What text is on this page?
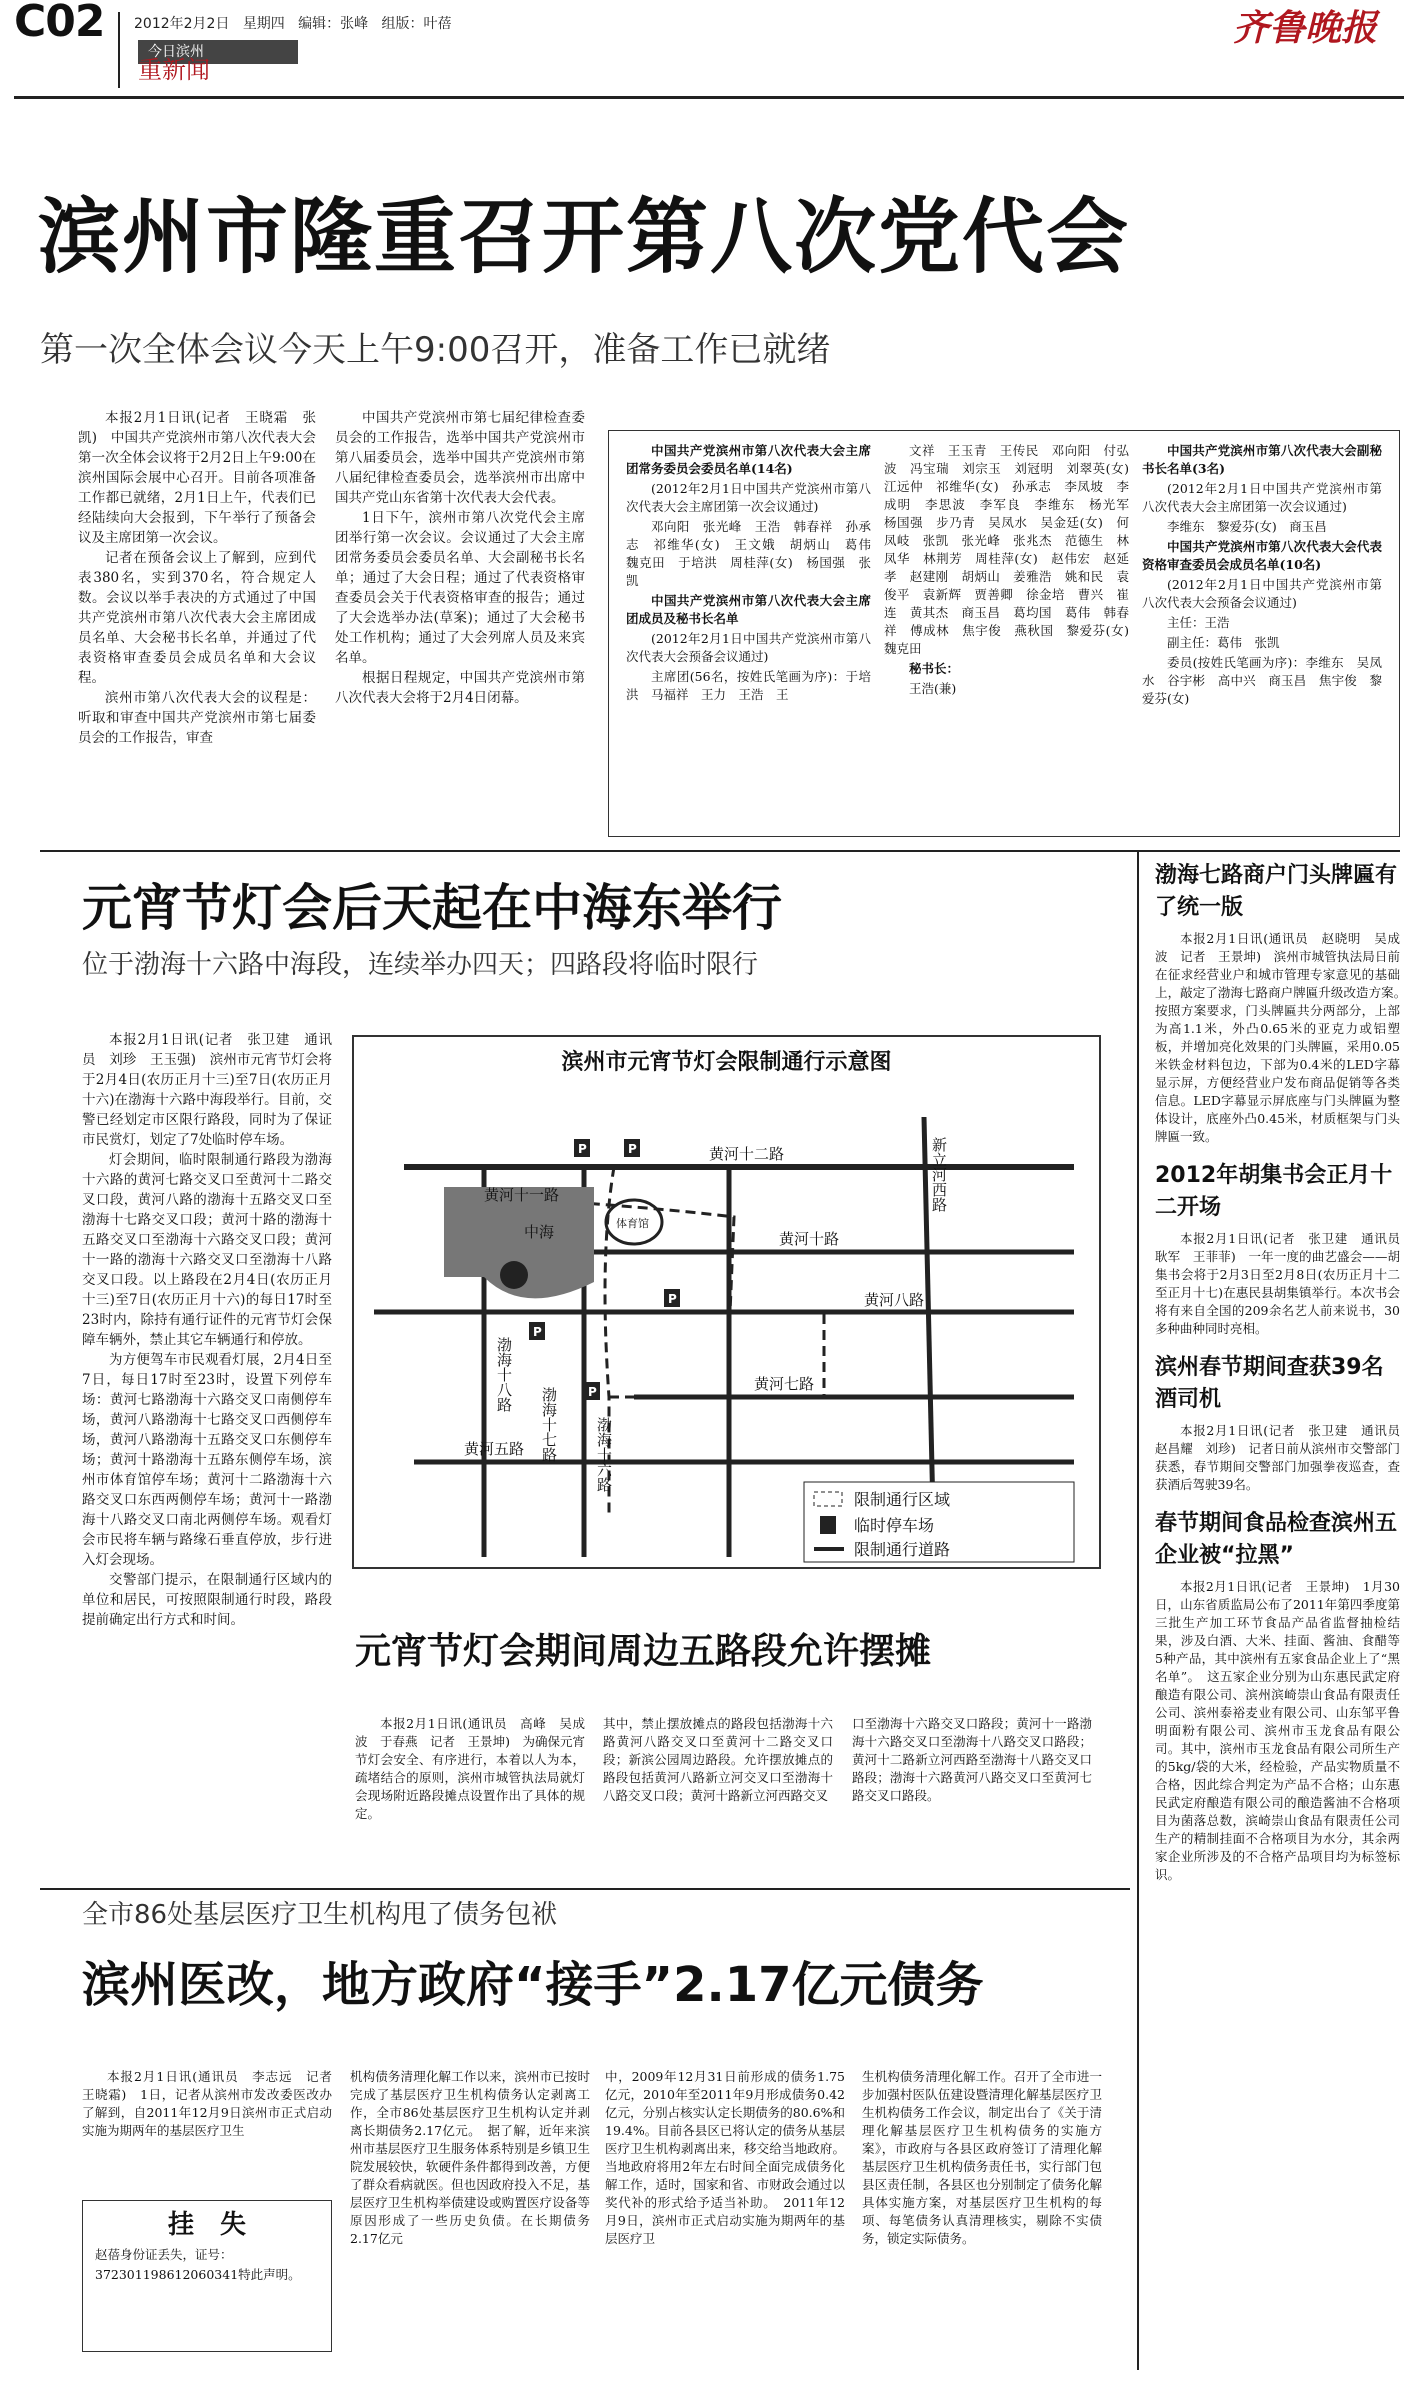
C02 2012年2月2日 星期四 编辑：张峰 组版：叶蓓
今日滨州
重新闻
齐鲁晚报
滨州市隆重召开第八次党代会
第一次全体会议今天上午9:00召开，准备工作已就绪

本报2月1日讯(记者　王晓霜　张凯)　中国共产党滨州市第八次代表大会第一次全体会议将于2月2日上午9:00在滨州国际会展中心召开。目前各项准备工作都已就绪，2月1日上午，代表们已经陆续向大会报到，下午举行了预备会议及主席团第一次会议。

记者在预备会议上了解到，应到代表380名，实到370名，符合规定人数。会议以举手表决的方式通过了中国共产党滨州市第八次代表大会主席团成员名单、大会秘书长名单，并通过了代表资格审查委员会成员名单和大会议程。

滨州市第八次代表大会的议程是：听取和审查中国共产党滨州市第七届委员会的工作报告，审查

中国共产党滨州市第七届纪律检查委员会的工作报告，选举中国共产党滨州市第八届委员会，选举中国共产党滨州市第八届纪律检查委员会，选举滨州市出席中国共产党山东省第十次代表大会代表。

1日下午，滨州市第八次党代会主席团举行第一次会议。会议通过了大会主席团常务委员会委员名单、大会副秘书长名单；通过了大会日程；通过了代表资格审查委员会关于代表资格审查的报告；通过了大会选举办法(草案)；通过了大会秘书处工作机构；通过了大会列席人员及来宾名单。

根据日程规定，中国共产党滨州市第八次代表大会将于2月4日闭幕。

中国共产党滨州市第八次代表大会主席团常务委员会委员名单(14名)

(2012年2月1日中国共产党滨州市第八次代表大会主席团第一次会议通过)

邓向阳　张光峰　王浩　韩春祥　孙承志　祁维华(女)　王文娥　胡炳山　葛伟　魏克田　于培洪　周桂萍(女)　杨国强　张凯

中国共产党滨州市第八次代表大会主席团成员及秘书长名单

(2012年2月1日中国共产党滨州市第八次代表大会预备会议通过)

主席团(56名，按姓氏笔画为序)：于培洪　马福祥　王力　王浩　王

文祥　王玉青　王传民　邓向阳　付弘波　冯宝瑞　刘宗玉　刘冠明　刘翠英(女)　江远仲　祁维华(女)　孙承志　李凤坡　李成明　李思波　李军良　李维东　杨光军　杨国强　步乃青　吴凤水　吴金廷(女)　何凤岐　张凯　张光峰　张兆杰　范德生　林凤华　林荆芳　周桂萍(女)　赵伟宏　赵延孝　赵建刚　胡炳山　姜雅浩　姚和民　袁俊平　袁新辉　贾善卿　徐金培　曹兴　崔连　黄其杰　商玉昌　葛均国　葛伟　韩春祥　傅成林　焦宇俊　燕秋国　黎爱芬(女)　魏克田

秘书长：

王浩(兼)

中国共产党滨州市第八次代表大会副秘书长名单(3名)

(2012年2月1日中国共产党滨州市第八次代表大会主席团第一次会议通过)

李维东　黎爱芬(女)　商玉昌

中国共产党滨州市第八次代表大会代表资格审查委员会成员名单(10名)

(2012年2月1日中国共产党滨州市第八次代表大会预备会议通过)

主任：王浩

副主任：葛伟　张凯

委员(按姓氏笔画为序)：李维东　吴凤水　谷宇彬　高中兴　商玉昌　焦宇俊　黎爱芬(女)

元宵节灯会后天起在中海东举行
位于渤海十六路中海段，连续举办四天；四路段将临时限行

本报2月1日讯(记者　张卫建　通讯员　刘珍　王玉强)　滨州市元宵节灯会将于2月4日(农历正月十三)至7日(农历正月十六)在渤海十六路中海段举行。目前，交警已经划定市区限行路段，同时为了保证市民赏灯，划定了7处临时停车场。

灯会期间，临时限制通行路段为渤海十六路的黄河七路交叉口至黄河十二路交叉口段，黄河八路的渤海十五路交叉口至渤海十七路交叉口段；黄河十路的渤海十五路交叉口至渤海十六路交叉口段；黄河十一路的渤海十六路交叉口至渤海十八路交叉口段。以上路段在2月4日(农历正月十三)至7日(农历正月十六)的每日17时至23时内，除持有通行证件的元宵节灯会保障车辆外，禁止其它车辆通行和停放。

为方便驾车市民观看灯展，2月4日至7日，每日17时至23时，设置下列停车场：黄河七路渤海十六路交叉口南侧停车场，黄河八路渤海十七路交叉口西侧停车场，黄河八路渤海十五路交叉口东侧停车场；黄河十路渤海十五路东侧停车场，滨州市体育馆停车场；黄河十二路渤海十六路交叉口东西两侧停车场；黄河十一路渤海十八路交叉口南北两侧停车场。观看灯会市民将车辆与路缘石垂直停放，步行进入灯会现场。

交警部门提示，在限制通行区域内的单位和居民，可按照限制通行时段，路段提前确定出行方式和时间。

滨州市元宵节灯会限制通行示意图
黄河十二路
黄河十一路
黄河十路
黄河八路
黄河七路
黄河五路
中海	体育馆
渤海十八路
渤海十七路 渤海十六路
新立河西路
P	P
P
P
P
限制通行区域
临时停车场
限制通行道路
元宵节灯会期间周边五路段允许摆摊
本报2月1日讯(通讯员　高峰　吴成波　于春燕　记者　王景坤)　为确保元宵节灯会安全、有序进行，本着以人为本，疏堵结合的原则，滨州市城管执法局就灯会现场附近路段摊点设置作出了具体的规定。
其中，禁止摆放摊点的路段包括渤海十六路黄河八路交叉口至黄河十二路交叉口段；新滨公园周边路段。允许摆放摊点的路段包括黄河八路新立河交叉口至渤海十八路交叉口段；黄河十路新立河西路交叉
口至渤海十六路交叉口路段；黄河十一路渤海十六路交叉口至渤海十八路交叉口路段；黄河十二路新立河西路至渤海十八路交叉口路段；渤海十六路黄河八路交叉口至黄河七路交叉口路段。
渤海七路商户门头牌匾有了统一版
本报2月1日讯(通讯员　赵晓明　吴成波　记者　王景坤)　滨州市城管执法局日前在征求经营业户和城市管理专家意见的基础上，敲定了渤海七路商户牌匾升级改造方案。　按照方案要求，门头牌匾共分两部分，上部为高1.1米，外凸0.65米的亚克力或铝塑板，并增加亮化效果的门头牌匾，采用0.05米铁金材料包边，下部为0.4米的LED字幕显示屏，方便经营业户发布商品促销等各类信息。LED字幕显示屏底座与门头牌匾为整体设计，底座外凸0.45米，材质框架与门头牌匾一致。
2012年胡集书会正月十二开场
本报2月1日讯(记者　张卫建　通讯员　耿军　王菲菲)　一年一度的曲艺盛会——胡集书会将于2月3日至2月8日(农历正月十二至正月十七)在惠民县胡集镇举行。本次书会将有来自全国的209余名艺人前来说书，30多种曲种同时亮相。
滨州春节期间查获39名酒司机
本报2月1日讯(记者　张卫建　通讯员　赵昌耀　刘珍)　记者日前从滨州市交警部门获悉，春节期间交警部门加强拳夜巡查，查获酒后驾驶39名。
春节期间食品检查滨州五企业被“拉黑”
本报2月1日讯(记者　王景坤)　1月30日，山东省质监局公布了2011年第四季度第三批生产加工环节食品产品省监督抽检结果，涉及白酒、大米、挂面、酱油、食醋等5种产品，其中滨州有五家食品企业上了“黑名单”。　这五家企业分别为山东惠民武定府酿造有限公司、滨州滨崎崇山食品有限责任公司、滨州泰裕麦业有限公司、山东邹平鲁明面粉有限公司、滨州市玉龙食品有限公司。其中，滨州市玉龙食品有限公司所生产的5kg/袋的大米，经检验，产品实物质量不合格，因此综合判定为产品不合格；山东惠民武定府酿造有限公司的酿造酱油不合格项目为菌落总数，滨崎崇山食品有限责任公司生产的精制挂面不合格项目为水分，其余两家企业所涉及的不合格产品项目均为标签标识。
全市86处基层医疗卫生机构甩了债务包袱
滨州医改，地方政府“接手”2.17亿元债务
本报2月1日讯(通讯员　李志远　记者　王晓霜)　1日，记者从滨州市发改委医改办了解到，自2011年12月9日滨州市正式启动实施为期两年的基层医疗卫生
挂　失
赵蓓身份证丢失，证号：372301198612060341特此声明。
机构债务清理化解工作以来，滨州市已按时完成了基层医疗卫生机构债务认定剥离工作，全市86处基层医疗卫生机构认定并剥离长期债务2.17亿元。　据了解，近年来滨州市基层医疗卫生服务体系特别是乡镇卫生院发展较快，软硬件条件都得到改善，方便了群众看病就医。但也因政府投入不足，基层医疗卫生机构举债建设或购置医疗设备等原因形成了一些历史负债。在长期债务2.17亿元
中，2009年12月31日前形成的债务1.75亿元，2010年至2011年9月形成债务0.42亿元，分别占核实认定长期债务的80.6%和19.4%。目前各县区已将认定的债务从基层医疗卫生机构剥离出来，移交给当地政府。当地政府将用2年左右时间全面完成债务化解工作，适时，国家和省、市财政会通过以奖代补的形式给予适当补助。　2011年12月9日，滨州市正式启动实施为期两年的基层医疗卫
生机构债务清理化解工作。召开了全市进一步加强村医队伍建设暨清理化解基层医疗卫生机构债务工作会议，制定出台了《关于清理化解基层医疗卫生机构债务的实施方案》，市政府与各县区政府签订了清理化解基层医疗卫生机构债务责任书，实行部门包县区责任制，各县区也分别制定了债务化解具体实施方案，对基层医疗卫生机构的每项、每笔债务认真清理核实，剔除不实债务，锁定实际债务。
